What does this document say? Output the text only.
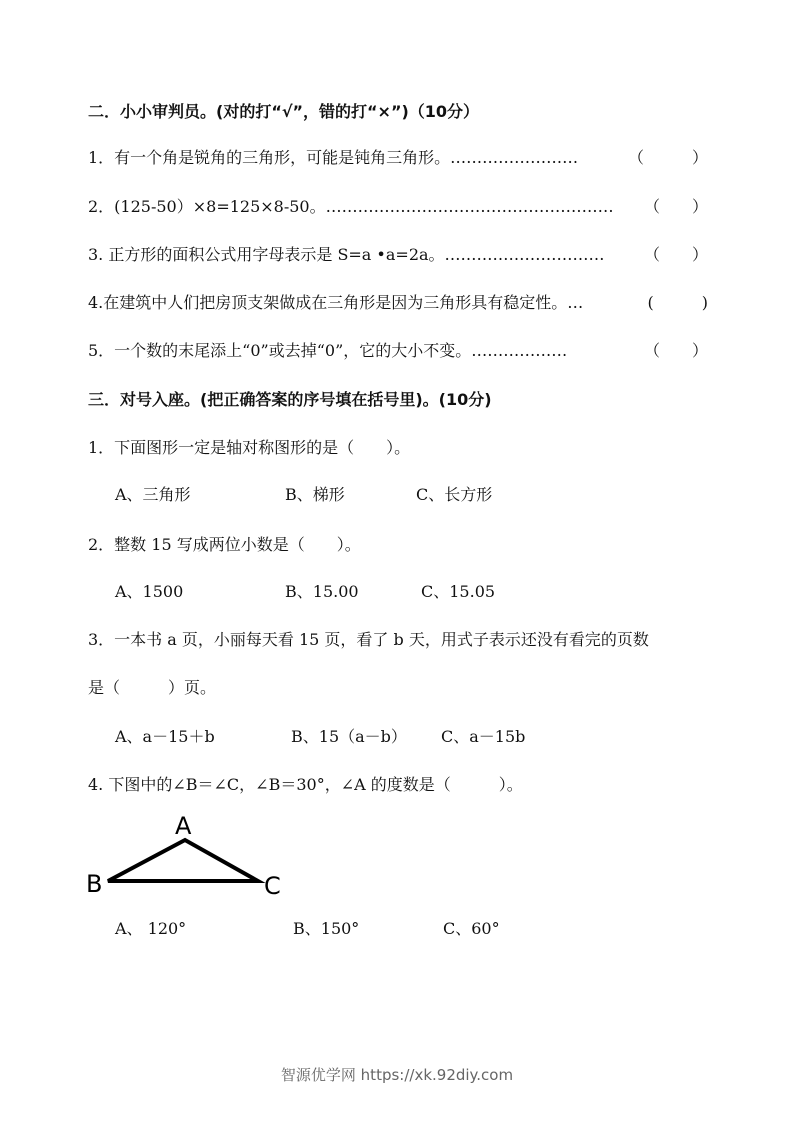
二．小小审判员。(对的打“√”，错的打“×”)（10分）
1．有一个角是锐角的三角形，可能是钝角三角形。……………………	（　　　）
2．(125-50）×8=125×8-50。……………………………………………… （　　）
3. 正方形的面积公式用字母表示是 S=a •a=2a。………………………… （　　）
4.在建筑中人们把房顶支架做成在三角形是因为三角形具有稳定性。…	(　　　)
5．一个数的末尾添上“0”或去掉“0”，它的大小不变。………………	（　　）
三．对号入座。(把正确答案的序号填在括号里)。(10分)
1．下面图形一定是轴对称图形的是（　　）。
A、三角形	B、梯形	C、长方形
2．整数 15 写成两位小数是（　　）。
A、1500	B、15.00	C、15.05
3．一本书 a 页，小丽每天看 15 页，看了 b 天，用式子表示还没有看完的页数
是（　　　）页。
A、a－15＋b	B、15（a－b） C、a－15b
4. 下图中的∠B＝∠C，∠B＝30°，∠A 的度数是（　　　）。
A
B	C
A、 120°	B、150°	C、60°
智源优学网 https://xk.92diy.com
